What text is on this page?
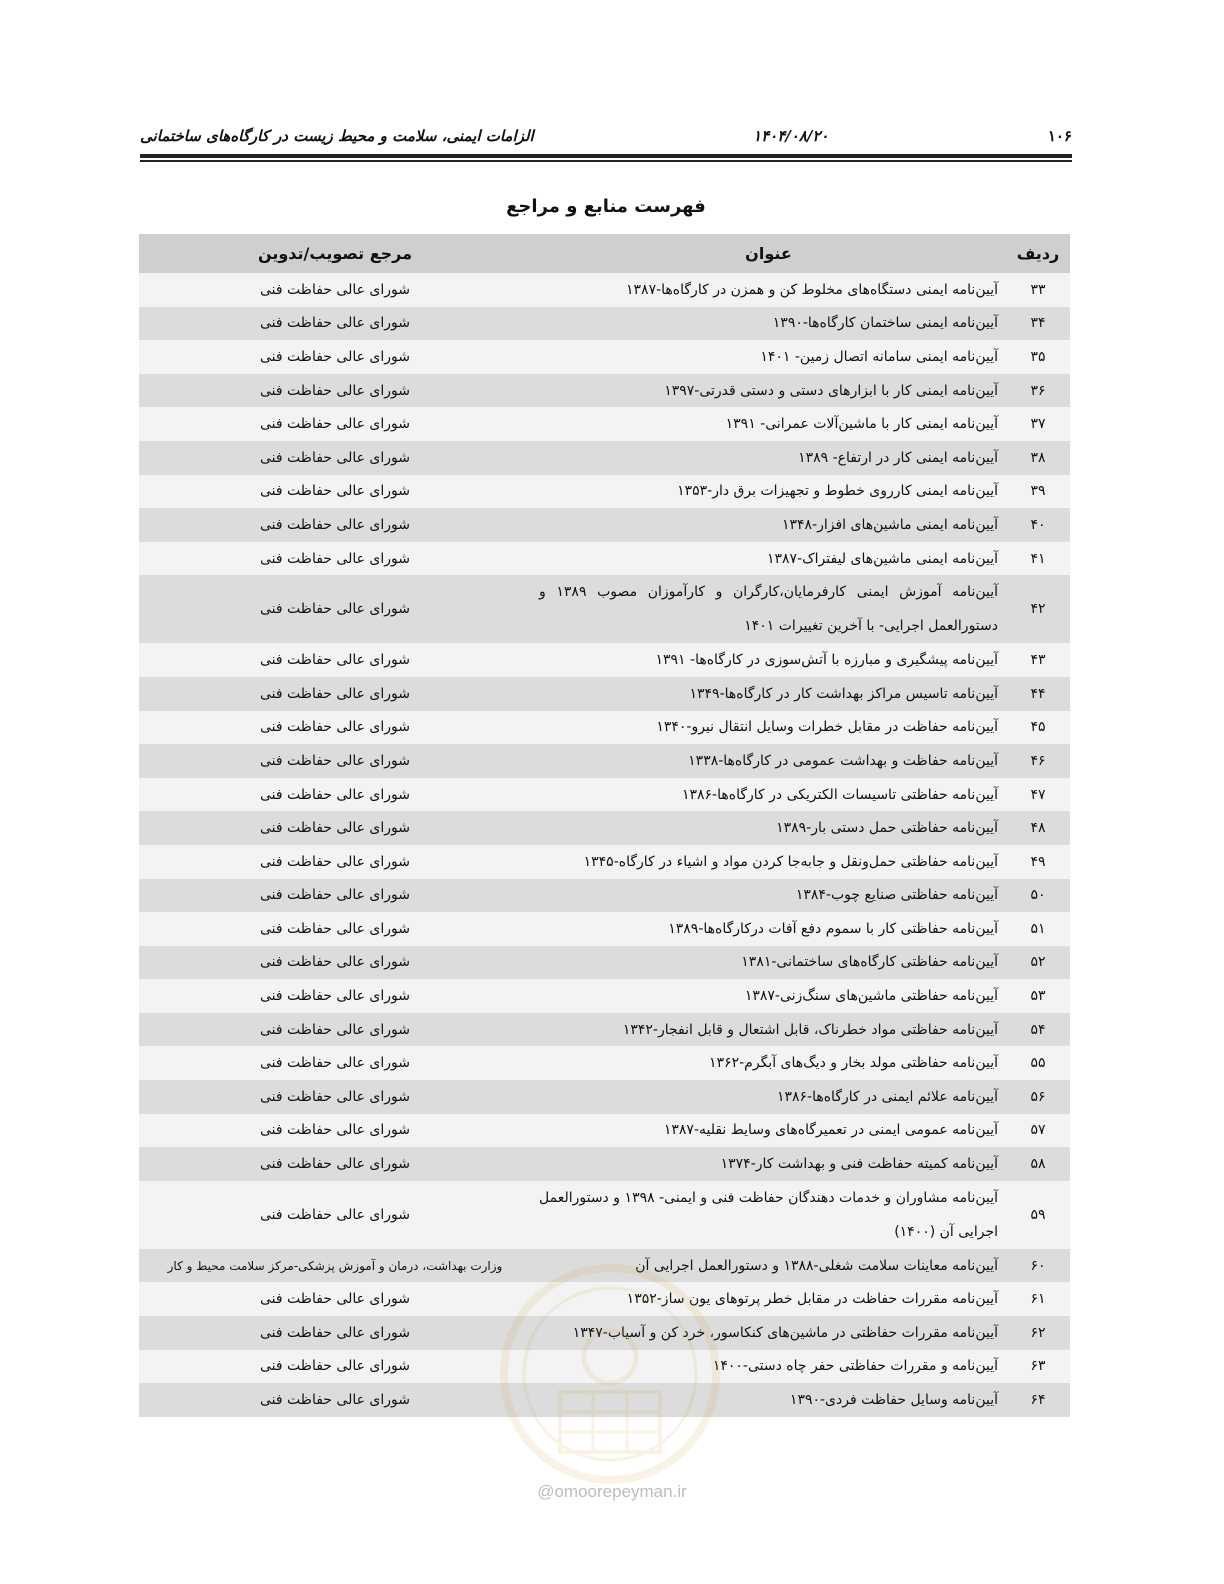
۱۰۶
۱۴۰۴/۰۸/۲۰
الزامات ایمنی، سلامت و محیط زیست در کارگاه‌های ساختمانی
فهرست منابع و مراجع
ردیف	عنوان	مرجع تصویب/تدوین
۳۳	آیین‌نامه ایمنی دستگاه‌های مخلوط کن و همزن در کارگاه‌ها-۱۳۸۷	شورای عالی حفاظت فنی
۳۴	آیین‌نامه ایمنی ساختمان کارگاه‌ها-۱۳۹۰	شورای عالی حفاظت فنی
۳۵	آیین‌نامه ایمنی سامانه اتصال زمین- ۱۴۰۱	شورای عالی حفاظت فنی
۳۶	آیین‌نامه ایمنی کار با ابزارهای دستی و دستی قدرتی-۱۳۹۷	شورای عالی حفاظت فنی
۳۷	آیین‌نامه ایمنی کار با ماشین‌آلات عمرانی- ۱۳۹۱	شورای عالی حفاظت فنی
۳۸	آیین‌نامه ایمنی کار در ارتفاع- ۱۳۸۹	شورای عالی حفاظت فنی
۳۹	آیین‌نامه ایمنی کارروی خطوط و تجهیزات برق دار-۱۳۵۳	شورای عالی حفاظت فنی
۴۰	آیین‌نامه ایمنی ماشین‌های افزار-۱۳۴۸	شورای عالی حفاظت فنی
۴۱	آیین‌نامه ایمنی ماشین‌های لیفتراک-۱۳۸۷	شورای عالی حفاظت فنی
۴۲	آیین‌نامه آموزش ایمنی کارفرمایان،کارگران و کارآموزان مصوب ۱۳۸۹ و دستورالعمل اجرایی- با آخرین تغییرات ۱۴۰۱	شورای عالی حفاظت فنی
۴۳	آیین‌نامه پیشگیری و مبارزه با آتش‌سوزی در کارگاه‌ها- ۱۳۹۱	شورای عالی حفاظت فنی
۴۴	آیین‌نامه تاسیس مراکز بهداشت کار در کارگاه‌ها-۱۳۴۹	شورای عالی حفاظت فنی
۴۵	آیین‌نامه حفاظت در مقابل خطرات وسایل انتقال نیرو-۱۳۴۰	شورای عالی حفاظت فنی
۴۶	آیین‌نامه حفاظت و بهداشت عمومی در کارگاه‌ها-۱۳۳۸	شورای عالی حفاظت فنی
۴۷	آیین‌نامه حفاظتی تاسیسات الکتریکی در کارگاه‌ها-۱۳۸۶	شورای عالی حفاظت فنی
۴۸	آیین‌نامه حفاظتی حمل دستی بار-۱۳۸۹	شورای عالی حفاظت فنی
۴۹	آیین‌نامه حفاظتی حمل‌ونقل و جابه‌جا کردن مواد و اشیاء در کارگاه-۱۳۴۵	شورای عالی حفاظت فنی
۵۰	آیین‌نامه حفاظتی صنایع چوب-۱۳۸۴	شورای عالی حفاظت فنی
۵۱	آیین‌نامه حفاظتی کار با سموم دفع آفات درکارگاه‌ها-۱۳۸۹	شورای عالی حفاظت فنی
۵۲	آیین‌نامه حفاظتی کارگاه‌های ساختمانی-۱۳۸۱	شورای عالی حفاظت فنی
۵۳	آیین‌نامه حفاظتی ماشین‌های سنگ‌زنی-۱۳۸۷	شورای عالی حفاظت فنی
۵۴	آیین‌نامه حفاظتی مواد خطرناک، قابل اشتعال و قابل انفجار-۱۳۴۲	شورای عالی حفاظت فنی
۵۵	آیین‌نامه حفاظتی مولد بخار و دیگ‌های آبگرم-۱۳۶۲	شورای عالی حفاظت فنی
۵۶	آیین‌نامه علائم ایمنی در کارگاه‌ها-۱۳۸۶	شورای عالی حفاظت فنی
۵۷	آیین‌نامه عمومی ایمنی در تعمیرگاه‌های وسایط نقلیه-۱۳۸۷	شورای عالی حفاظت فنی
۵۸	آیین‌نامه کمیته حفاظت فنی و بهداشت کار-۱۳۷۴	شورای عالی حفاظت فنی
۵۹	آیین‌نامه مشاوران و خدمات دهندگان حفاظت فنی و ایمنی- ۱۳۹۸ و دستورالعمل اجرایی آن (۱۴۰۰)	شورای عالی حفاظت فنی
۶۰	آیین‌نامه معاینات سلامت شغلی-۱۳۸۸ و دستورالعمل اجرایی آن	وزارت بهداشت، درمان و آموزش پزشکی-مرکز سلامت محیط و کار
۶۱	آیین‌نامه مقررات حفاظت در مقابل خطر پرتوهای یون ساز-۱۳۵۲	شورای عالی حفاظت فنی
۶۲	آیین‌نامه مقررات حفاظتی در ماشین‌های کنکاسور، خرد کن و آسیاب-۱۳۴۷	شورای عالی حفاظت فنی
۶۳	آیین‌نامه و مقررات حفاظتی حفر چاه دستی-۱۴۰۰	شورای عالی حفاظت فنی
۶۴	آیین‌نامه وسایل حفاظت فردی-۱۳۹۰	شورای عالی حفاظت فنی
@omoorepeyman.ir
